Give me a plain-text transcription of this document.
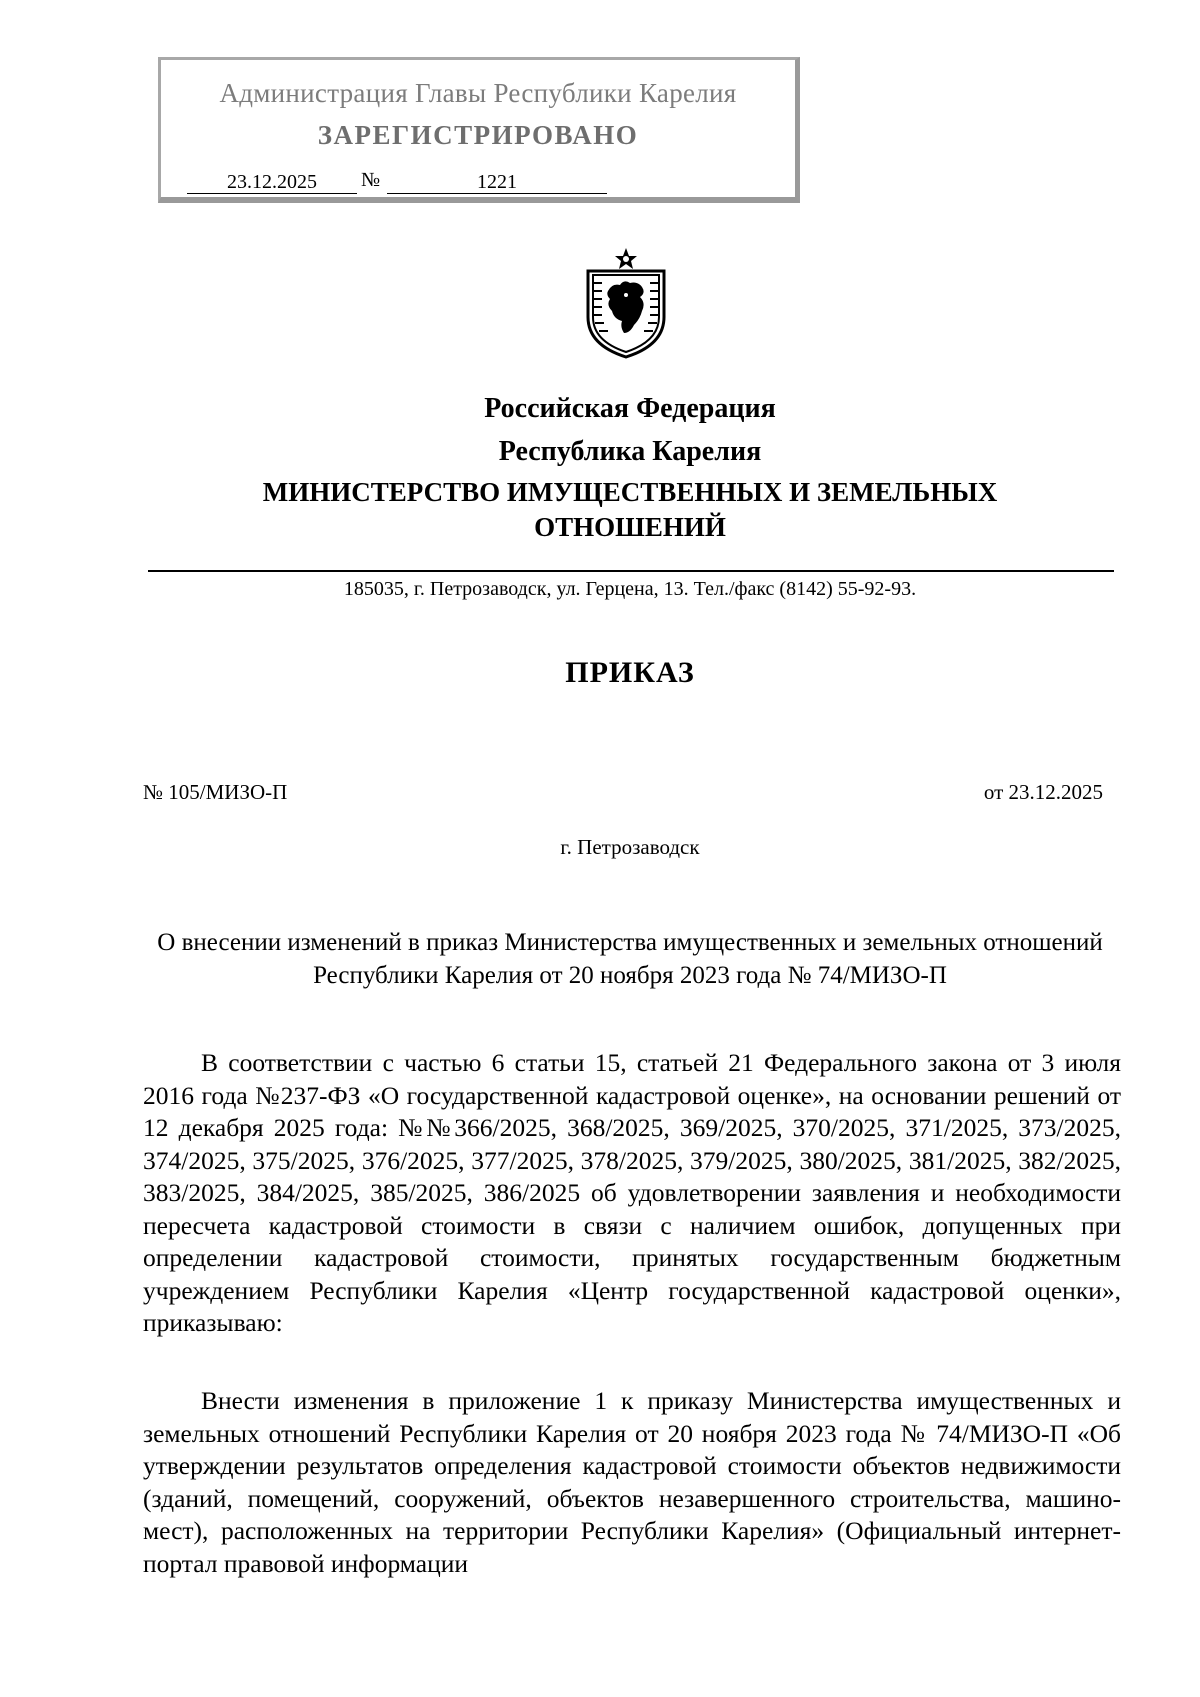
Администрация Главы Республики Карелия
ЗАРЕГИСТРИРОВАНО
23.12.2025	№	1221
Российская Федерация
Республика Карелия
МИНИСТЕРСТВО ИМУЩЕСТВЕННЫХ И ЗЕМЕЛЬНЫХ
ОТНОШЕНИЙ
185035, г. Петрозаводск, ул. Герцена, 13. Тел./факс (8142) 55-92-93.
ПРИКАЗ
№ 105/МИЗО-П	от 23.12.2025
г. Петрозаводск
О внесении изменений в приказ Министерства имущественных и земельных отношений Республики Карелия от 20 ноября 2023 года № 74/МИЗО-П
В соответствии с частью 6 статьи 15, статьей 21 Федерального закона от 3 июля 2016 года №237-ФЗ «О государственной кадастровой оценке», на основании решений от 12 декабря 2025 года: №№366/2025, 368/2025, 369/2025, 370/2025, 371/2025, 373/2025, 374/2025, 375/2025, 376/2025, 377/2025, 378/2025, 379/2025, 380/2025, 381/2025, 382/2025, 383/2025, 384/2025, 385/2025, 386/2025 об удовлетворении заявления и необходимости пересчета кадастровой стоимости в связи с наличием ошибок, допущенных при определении кадастровой стоимости, принятых государственным бюджетным учреждением Республики Карелия «Центр государственной кадастровой оценки», приказываю:
Внести изменения в приложение 1 к приказу Министерства имущественных и земельных отношений Республики Карелия от 20 ноября 2023 года № 74/МИЗО-П «Об утверждении результатов определения кадастровой стоимости объектов недвижимости (зданий, помещений, сооружений, объектов незавершенного строительства, машино-мест), расположенных на территории Республики Карелия» (Официальный интернет-портал правовой информации
